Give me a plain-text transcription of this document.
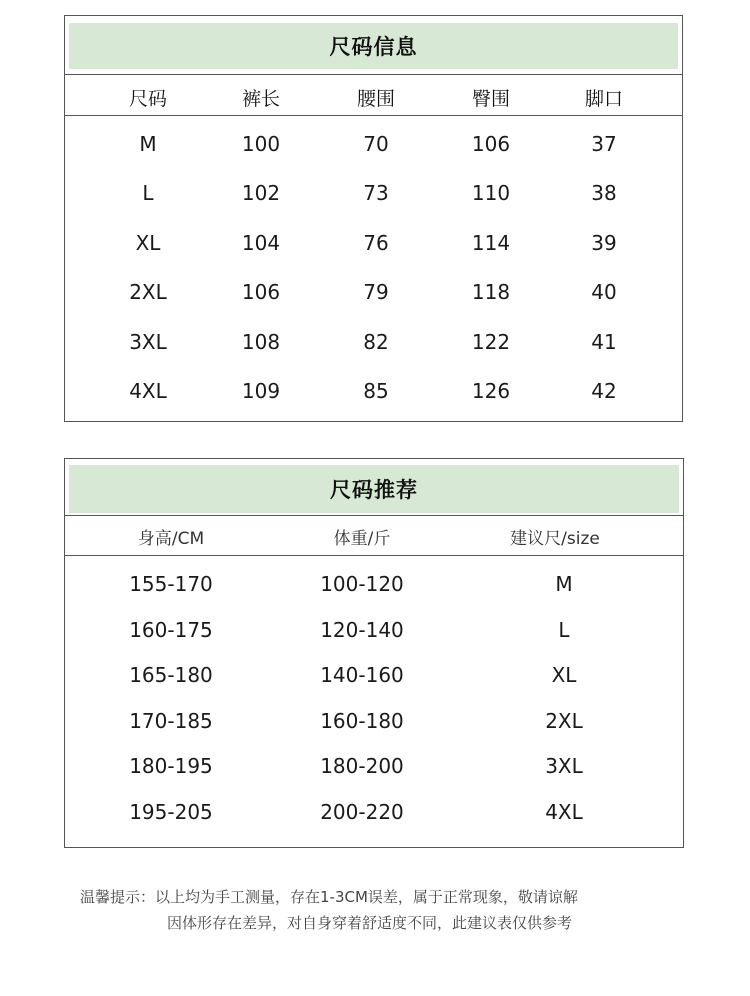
尺码信息
尺码	裤长	腰围	臀围	脚口
M	100	70	106	37
L	102	73	110	38
XL	104	76	114	39
2XL	106	79	118	40
3XL	108	82	122	41
4XL	109	85	126	42
尺码推荐
身高/CM	体重/斤	建议尺/size
155-170	100-120	M
160-175	120-140	L
165-180	140-160	XL
170-185	160-180	2XL
180-195	180-200	3XL
195-205	200-220	4XL
温馨提示：以上均为手工测量，存在1-3CM误差，属于正常现象，敬请谅解
因体形存在差异，对自身穿着舒适度不同，此建议表仅供参考
